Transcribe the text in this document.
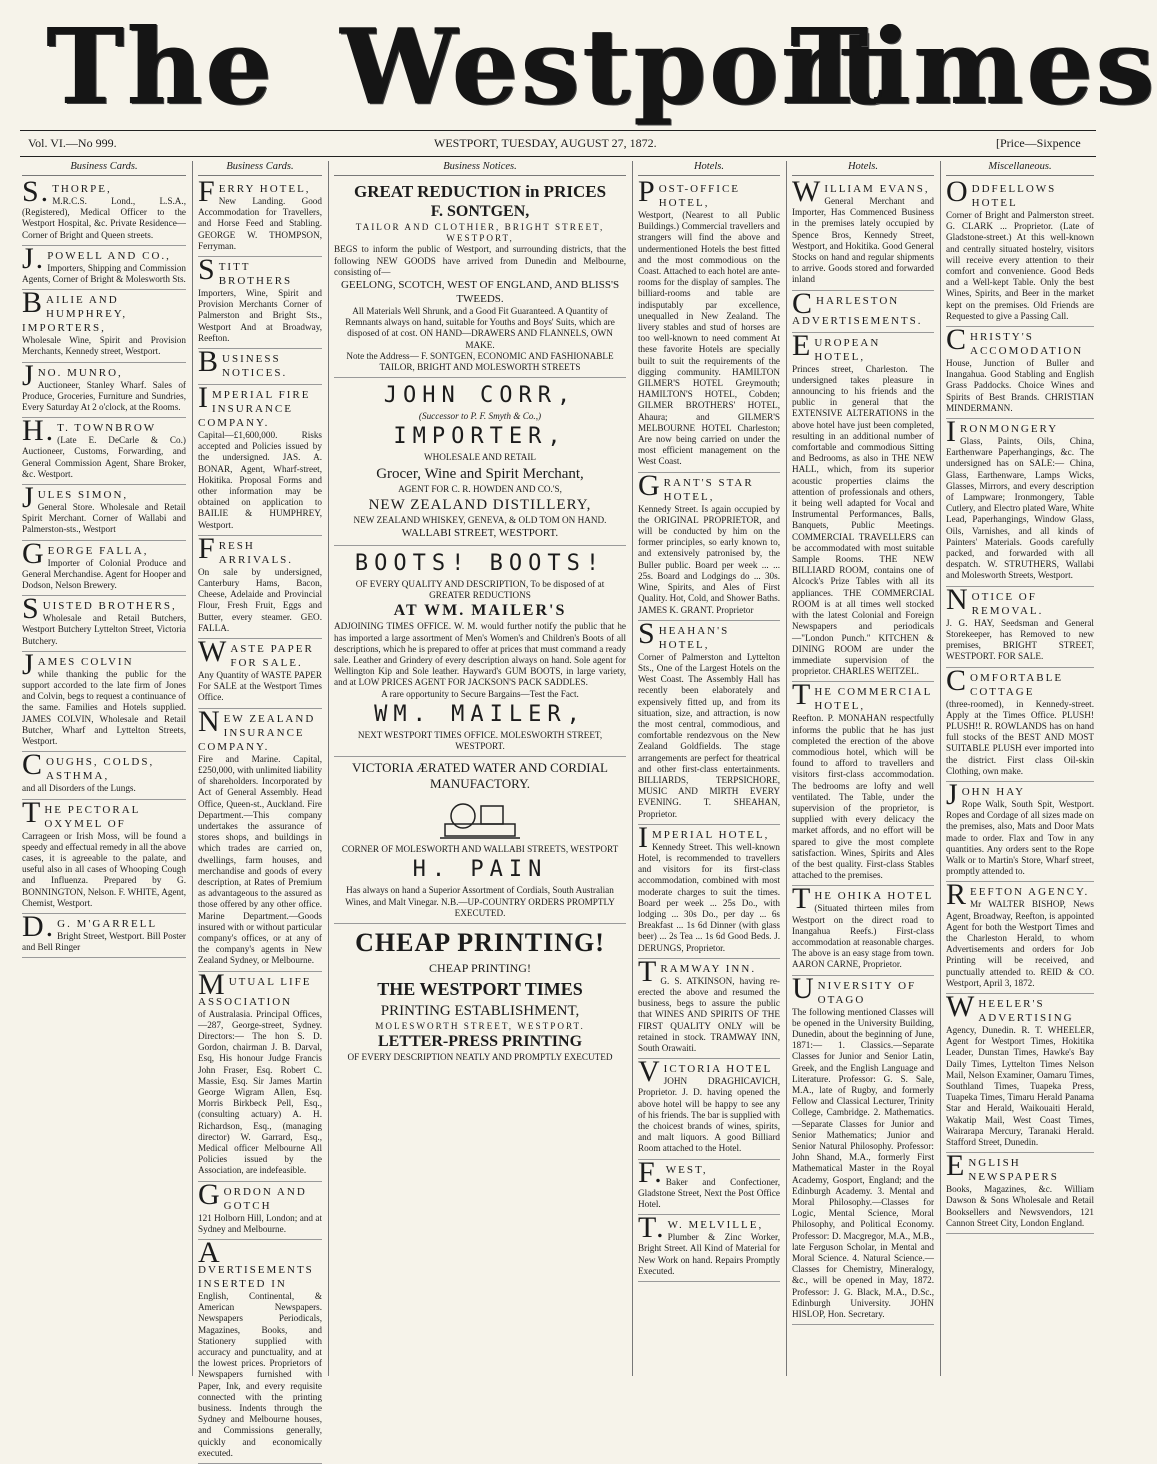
The Westport
Times
Vol. VI.—No 999.	WESTPORT, TUESDAY, AUGUST 27, 1872.	[Price—Sixpence
Business Cards.
S.THORPE,
M.R.C.S. Lond., L.S.A., (Registered), Medical Officer to the Westport Hospital, &c. Private Residence—Corner of Bright and Queen streets.
J.POWELL AND CO.,
Importers, Shipping and Commission Agents, Corner of Bright & Molesworth Sts.
BAILIE AND HUMPHREY, IMPORTERS,
Wholesale Wine, Spirit and Provision Merchants, Kennedy street, Westport.
JNO. MUNRO,
Auctioneer, Stanley Wharf. Sales of Produce, Groceries, Furniture and Sundries, Every Saturday At 2 o'clock, at the Rooms.
H.T. TOWNBROW
(Late E. DeCarle & Co.) Auctioneer, Customs, Forwarding, and General Commission Agent, Share Broker, &c. Westport.
JULES SIMON,
General Store. Wholesale and Retail Spirit Merchant. Corner of Wallabi and Palmerston-sts., Westport
GEORGE FALLA,
Importer of Colonial Produce and General Merchandise. Agent for Hooper and Dodson, Nelson Brewery.
SUISTED BROTHERS,
Wholesale and Retail Butchers, Westport Butchery Lyttelton Street, Victoria Butchery.
JAMES COLVIN
while thanking the public for the support accorded to the late firm of Jones and Colvin, begs to request a continuance of the same. Families and Hotels supplied. JAMES COLVIN, Wholesale and Retail Butcher, Wharf and Lyttelton Streets, Westport.
COUGHS, COLDS, ASTHMA,
and all Disorders of the Lungs.
THE PECTORAL OXYMEL OF
Carrageen or Irish Moss, will be found a speedy and effectual remedy in all the above cases, it is agreeable to the palate, and useful also in all cases of Whooping Cough and Influenza. Prepared by G. BONNINGTON, Nelson. F. WHITE, Agent, Chemist, Westport.
D.G. M'GARRELL
Bright Street, Westport. Bill Poster and Bell Ringer
Business Cards.
FERRY HOTEL,
New Landing. Good Accommodation for Travellers, and Horse Feed and Stabling. GEORGE W. THOMPSON, Ferryman.
STITT BROTHERS
Importers, Wine, Spirit and Provision Merchants Corner of Palmerston and Bright Sts., Westport And at Broadway, Reefton.
BUSINESS NOTICES.
IMPERIAL FIRE INSURANCE COMPANY.
Capital—£1,600,000. Risks accepted and Policies issued by the undersigned. JAS. A. BONAR, Agent, Wharf-street, Hokitika. Proposal Forms and other information may be obtained on application to BAILIE & HUMPHREY, Westport.
FRESH ARRIVALS.
On sale by undersigned, Canterbury Hams, Bacon, Cheese, Adelaide and Provincial Flour, Fresh Fruit, Eggs and Butter, every steamer. GEO. FALLA.
WASTE PAPER FOR SALE.
Any Quantity of WASTE PAPER For SALE at the Westport Times Office.
NEW ZEALAND INSURANCE COMPANY.
Fire and Marine. Capital, £250,000, with unlimited liability of shareholders. Incorporated by Act of General Assembly. Head Office, Queen-st., Auckland. Fire Department.—This company undertakes the assurance of stores shops, and buildings in which trades are carried on, dwellings, farm houses, and merchandise and goods of every description, at Rates of Premium as advantageous to the assured as those offered by any other office. Marine Department.—Goods insured with or without particular company's offices, or at any of the company's agents in New Zealand Sydney, or Melbourne.
MUTUAL LIFE ASSOCIATION
of Australasia. Principal Offices,—287, George-street, Sydney. Directors:— The hon S. D. Gordon, chairman J. B. Darval, Esq, His honour Judge Francis John Fraser, Esq. Robert C. Massie, Esq. Sir James Martin George Wigram Allen, Esq. Morris Birkbeck Pell, Esq., (consulting actuary) A. H. Richardson, Esq., (managing director) W. Garrard, Esq., Medical officer Melbourne All Policies issued by the Association, are indefeasible.
GORDON AND GOTCH
121 Holborn Hill, London; and at Sydney and Melbourne.
ADVERTISEMENTS INSERTED IN
English, Continental, & American Newspapers. Newspapers Periodicals, Magazines, Books, and Stationery supplied with accuracy and punctuality, and at the lowest prices. Proprietors of Newspapers furnished with Paper, Ink, and every requisite connected with the printing business. Indents through the Sydney and Melbourne houses, and Commissions generally, quickly and economically executed.
Business Notices.
GREAT REDUCTION in PRICES
F. SONTGEN,
TAILOR AND CLOTHIER, BRIGHT STREET, WESTPORT,
BEGS to inform the public of Westport, and surrounding districts, that the following NEW GOODS have arrived from Dunedin and Melbourne, consisting of—
GEELONG, SCOTCH, WEST OF ENGLAND, AND BLISS'S TWEEDS.
All Materials Well Shrunk, and a Good Fit Guaranteed. A Quantity of Remnants always on hand, suitable for Youths and Boys' Suits, which are disposed of at cost. ON HAND—DRAWERS AND FLANNELS, OWN MAKE.
Note the Address— F. SONTGEN, ECONOMIC AND FASHIONABLE TAILOR, BRIGHT AND MOLESWORTH STREETS
JOHN CORR,
(Successor to P. F. Smyth & Co.,)
IMPORTER,
WHOLESALE AND RETAIL
Grocer, Wine and Spirit Merchant,
AGENT FOR C. R. HOWDEN AND CO.'S,
NEW ZEALAND DISTILLERY,
NEW ZEALAND WHISKEY, GENEVA, & OLD TOM ON HAND.
WALLABI STREET, WESTPORT.
BOOTS! BOOTS!
OF EVERY QUALITY AND DESCRIPTION, To be disposed of at GREATER REDUCTIONS
AT WM. MAILER'S
ADJOINING TIMES OFFICE. W. M. would further notify the public that he has imported a large assortment of Men's Women's and Children's Boots of all descriptions, which he is prepared to offer at prices that must command a ready sale. Leather and Grindery of every description always on hand. Sole agent for Wellington Kip and Sole leather. Hayward's GUM BOOTS, in large variety, and at LOW PRICES AGENT FOR JACKSON'S PACK SADDLES.
A rare opportunity to Secure Bargains—Test the Fact.
WM. MAILER,
NEXT WESTPORT TIMES OFFICE. MOLESWORTH STREET, WESTPORT.
VICTORIA ÆRATED WATER AND CORDIAL MANUFACTORY.
CORNER OF MOLESWORTH AND WALLABI STREETS, WESTPORT
H. PAIN
Has always on hand a Superior Assortment of Cordials, South Australian Wines, and Malt Vinegar. N.B.—UP-COUNTRY ORDERS PROMPTLY EXECUTED.
CHEAP PRINTING!
CHEAP PRINTING!
THE WESTPORT TIMES
PRINTING ESTABLISHMENT,
MOLESWORTH STREET, WESTPORT.
LETTER-PRESS PRINTING
OF EVERY DESCRIPTION NEATLY AND PROMPTLY EXECUTED
Hotels.
POST-OFFICE HOTEL,
Westport, (Nearest to all Public Buildings.) Commercial travellers and strangers will find the above and undermentioned Hotels the best fitted and the most commodious on the Coast. Attached to each hotel are ante-rooms for the display of samples. The billiard-rooms and table are indisputably par excellence, unequalled in New Zealand. The livery stables and stud of horses are too well-known to need comment At these favorite Hotels are specially built to suit the requirements of the digging community. HAMILTON GILMER'S HOTEL Greymouth; HAMILTON'S HOTEL, Cobden; GILMER BROTHERS' HOTEL, Ahaura; and GILMER'S MELBOURNE HOTEL Charleston; Are now being carried on under the most efficient management on the West Coast.
GRANT'S STAR HOTEL,
Kennedy Street. Is again occupied by the ORIGINAL PROPRIETOR, and will be conducted by him on the former principles, so early known to, and extensively patronised by, the Buller public. Board per week ... ... 25s. Board and Lodgings do ... 30s. Wine, Spirits, and Ales of First Quality. Hot, Cold, and Shower Baths. JAMES K. GRANT. Proprietor
SHEAHAN'S HOTEL,
Corner of Palmerston and Lyttelton Sts., One of the Largest Hotels on the West Coast. The Assembly Hall has recently been elaborately and expensively fitted up, and from its situation, size, and attraction, is now the most central, commodious, and comfortable rendezvous on the New Zealand Goldfields. The stage arrangements are perfect for theatrical and other first-class entertainments. BILLIARDS, TERPSICHORE, MUSIC AND MIRTH EVERY EVENING. T. SHEAHAN, Proprietor.
IMPERIAL HOTEL,
Kennedy Street. This well-known Hotel, is recommended to travellers and visitors for its first-class accommodation, combined with most moderate charges to suit the times. Board per week ... 25s Do., with lodging ... 30s Do., per day ... 6s Breakfast ... 1s 6d Dinner (with glass beer) ... 2s Tea ... 1s 6d Good Beds. J. DERUNGS, Proprietor.
TRAMWAY INN.
G. S. ATKINSON, having re-erected the above and resumed the business, begs to assure the public that WINES AND SPIRITS OF THE FIRST QUALITY ONLY will be retained in stock. TRAMWAY INN, South Orawaiti.
VICTORIA HOTEL
JOHN DRAGHICAVICH, Proprietor. J. D. having opened the above hotel will be happy to see any of his friends. The bar is supplied with the choicest brands of wines, spirits, and malt liquors. A good Billiard Room attached to the Hotel.
F.WEST,
Baker and Confectioner, Gladstone Street, Next the Post Office Hotel.
T.W. MELVILLE,
Plumber & Zinc Worker, Bright Street. All Kind of Material for New Work on hand. Repairs Promptly Executed.
Hotels.
WILLIAM EVANS,
General Merchant and Importer, Has Commenced Business in the premises lately occupied by Spence Bros, Kennedy Street, Westport, and Hokitika. Good General Stocks on hand and regular shipments to arrive. Goods stored and forwarded inland
CHARLESTON ADVERTISEMENTS.
EUROPEAN HOTEL,
Princes street, Charleston. The undersigned takes pleasure in announcing to his friends and the public in general that the EXTENSIVE ALTERATIONS in the above hotel have just been completed, resulting in an additional number of comfortable and commodious Sitting and Bedrooms, as also in THE NEW HALL, which, from its superior acoustic properties claims the attention of professionals and others, it being well adapted for Vocal and Instrumental Performances, Balls, Banquets, Public Meetings. COMMERCIAL TRAVELLERS can be accommodated with most suitable Sample Rooms. THE NEW BILLIARD ROOM, contains one of Alcock's Prize Tables with all its appliances. THE COMMERCIAL ROOM is at all times well stocked with the latest Colonial and Foreign Newspapers and periodicals—"London Punch." KITCHEN & DINING ROOM are under the immediate supervision of the proprietor. CHARLES WEITZEL.
THE COMMERCIAL HOTEL,
Reefton. P. MONAHAN respectfully informs the public that he has just completed the erection of the above commodious hotel, which will be found to afford to travellers and visitors first-class accommodation. The bedrooms are lofty and well ventilated. The Table, under the supervision of the proprietor, is supplied with every delicacy the market affords, and no effort will be spared to give the most complete satisfaction. Wines, Spirits and Ales of the best quality. First-class Stables attached to the premises.
THE OHIKA HOTEL
(Situated thirteen miles from Westport on the direct road to Inangahua Reefs.) First-class accommodation at reasonable charges. The above is an easy stage from town. AARON CARNE, Proprietor.
UNIVERSITY OF OTAGO
The following mentioned Classes will be opened in the University Building, Dunedin, about the beginning of June, 1871:— 1. Classics.—Separate Classes for Junior and Senior Latin, Greek, and the English Language and Literature. Professor: G. S. Sale, M.A., late of Rugby, and formerly Fellow and Classical Lecturer, Trinity College, Cambridge. 2. Mathematics.—Separate Classes for Junior and Senior Mathematics; Junior and Senior Natural Philosophy. Professor: John Shand, M.A., formerly First Mathematical Master in the Royal Academy, Gosport, England; and the Edinburgh Academy. 3. Mental and Moral Philosophy.—Classes for Logic, Mental Science, Moral Philosophy, and Political Economy. Professor: D. Macgregor, M.A., M.B., late Ferguson Scholar, in Mental and Moral Science. 4. Natural Science.—Classes for Chemistry, Mineralogy, &c., will be opened in May, 1872. Professor: J. G. Black, M.A., D.Sc., Edinburgh University. JOHN HISLOP, Hon. Secretary.
Miscellaneous.
ODDFELLOWS HOTEL
Corner of Bright and Palmerston street. G. CLARK ... Proprietor. (Late of Gladstone-street.) At this well-known and centrally situated hostelry, visitors will receive every attention to their comfort and convenience. Good Beds and a Well-kept Table. Only the best Wines, Spirits, and Beer in the market kept on the premises. Old Friends are Requested to give a Passing Call.
CHRISTY'S ACCOMODATION
House, Junction of Buller and Inangahua. Good Stabling and English Grass Paddocks. Choice Wines and Spirits of Best Brands. CHRISTIAN MINDERMANN.
IRONMONGERY
Glass, Paints, Oils, China, Earthenware Paperhangings, &c. The undersigned has on SALE:— China, Glass, Earthenware, Lamps Wicks, Glasses, Mirrors, and every description of Lampware; Ironmongery, Table Cutlery, and Electro plated Ware, White Lead, Paperhangings, Window Glass, Oils, Varnishes, and all kinds of Painters' Materials. Goods carefully packed, and forwarded with all despatch. W. STRUTHERS, Wallabi and Molesworth Streets, Westport.
NOTICE OF REMOVAL.
J. G. HAY, Seedsman and General Storekeeper, has Removed to new premises, BRIGHT STREET, WESTPORT. FOR SALE.
COMFORTABLE COTTAGE
(three-roomed), in Kennedy-street. Apply at the Times Office. PLUSH! PLUSH!! R. ROWLANDS has on hand full stocks of the BEST AND MOST SUITABLE PLUSH ever imported into the district. First class Oil-skin Clothing, own make.
JOHN HAY
Rope Walk, South Spit, Westport. Ropes and Cordage of all sizes made on the premises, also, Mats and Door Mats made to order. Flax and Tow in any quantities. Any orders sent to the Rope Walk or to Martin's Store, Wharf street, promptly attended to.
REEFTON AGENCY.
Mr WALTER BISHOP, News Agent, Broadway, Reefton, is appointed Agent for both the Westport Times and the Charleston Herald, to whom Advertisements and orders for Job Printing will be received, and punctually attended to. REID & CO. Westport, April 3, 1872.
WHEELER'S ADVERTISING
Agency, Dunedin. R. T. WHEELER, Agent for Westport Times, Hokitika Leader, Dunstan Times, Hawke's Bay Daily Times, Lyttelton Times Nelson Mail, Nelson Examiner, Oamaru Times, Southland Times, Tuapeka Press, Tuapeka Times, Timaru Herald Panama Star and Herald, Waikouaiti Herald, Wakatip Mail, West Coast Times, Wairarapa Mercury, Taranaki Herald. Stafford Street, Dunedin.
ENGLISH NEWSPAPERS
Books, Magazines, &c. William Dawson & Sons Wholesale and Retail Booksellers and Newsvendors, 121 Cannon Street City, London England.
